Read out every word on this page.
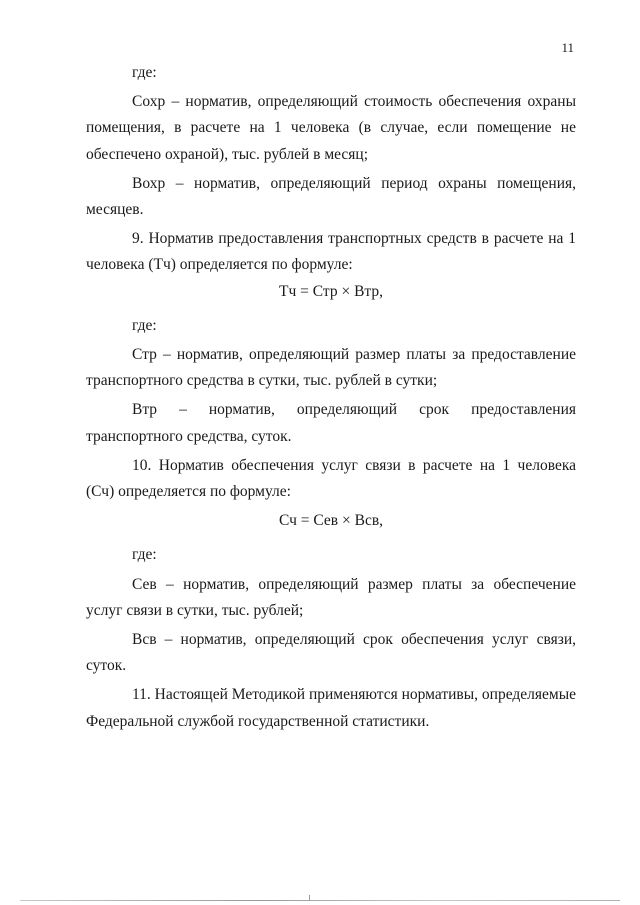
11

где:

Сохр – норматив, определяющий стоимость обеспечения охраны помещения, в расчете на 1 человека (в случае, если помещение не обеспечено охраной), тыс. рублей в месяц;

Вохр – норматив, определяющий период охраны помещения, месяцев.

9. Норматив предоставления транспортных средств в расчете на 1 человека (Тч) определяется по формуле:

Тч = Стр × Втр,

где:

Стр – норматив, определяющий размер платы за предоставление транспортного средства в сутки, тыс. рублей в сутки;

Втр – норматив, определяющий срок предоставления транспортного средства, суток.

10. Норматив обеспечения услуг связи в расчете на 1 человека (Сч) определяется по формуле:

Сч = Сев × Всв,

где:

Сев – норматив, определяющий размер платы за обеспечение услуг связи в сутки, тыс. рублей;

Всв – норматив, определяющий срок обеспечения услуг связи, суток.

11. Настоящей Методикой применяются нормативы, определяемые Федеральной службой государственной статистики.
